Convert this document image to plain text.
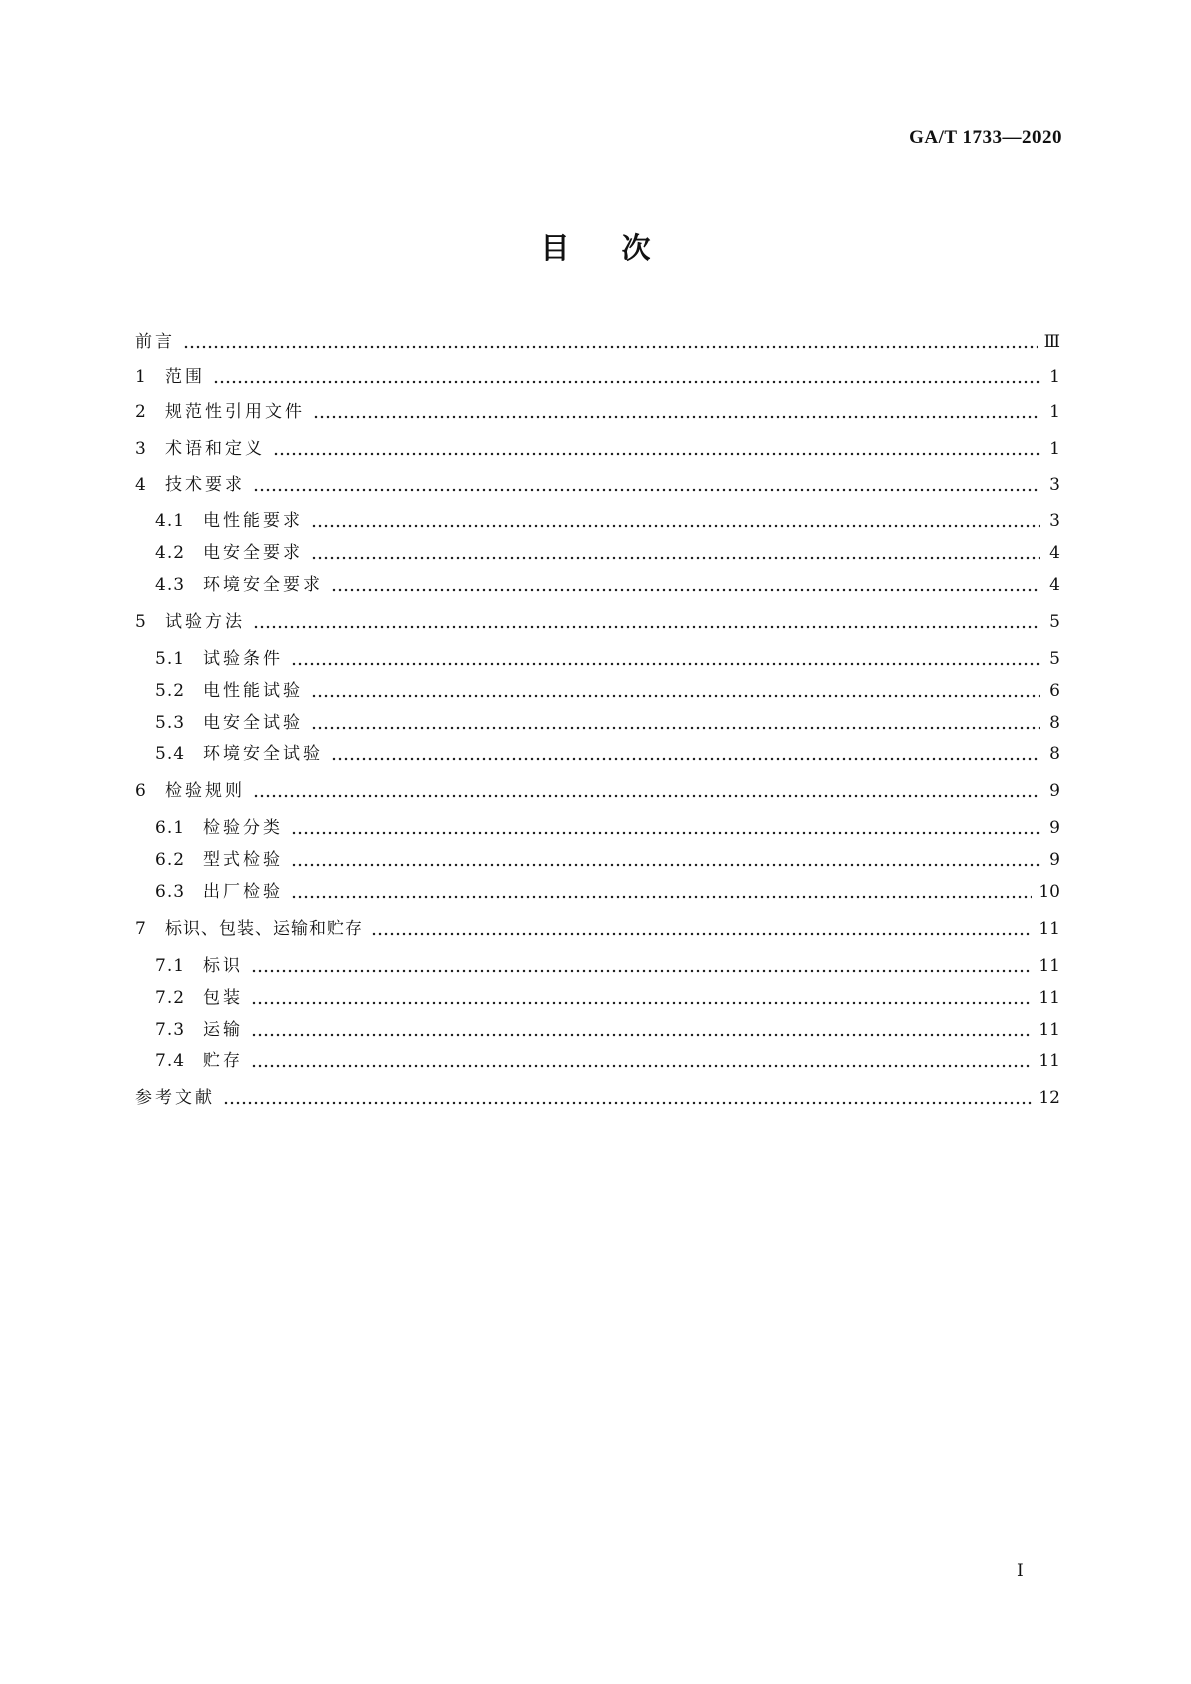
GA/T 1733—2020
目次
前言	Ⅲ
1	范围	1
2	规范性引用文件	1
3	术语和定义	1
4	技术要求	3
4.1	电性能要求	3
4.2	电安全要求	4
4.3	环境安全要求	4
5	试验方法	5
5.1	试验条件	5
5.2	电性能试验	6
5.3	电安全试验	8
5.4	环境安全试验	8
6	检验规则	9
6.1	检验分类	9
6.2	型式检验	9
6.3	出厂检验	10
7	标识、包装、运输和贮存	11
7.1	标识	11
7.2	包装	11
7.3	运输	11
7.4	贮存	11
参考文献	12
I
